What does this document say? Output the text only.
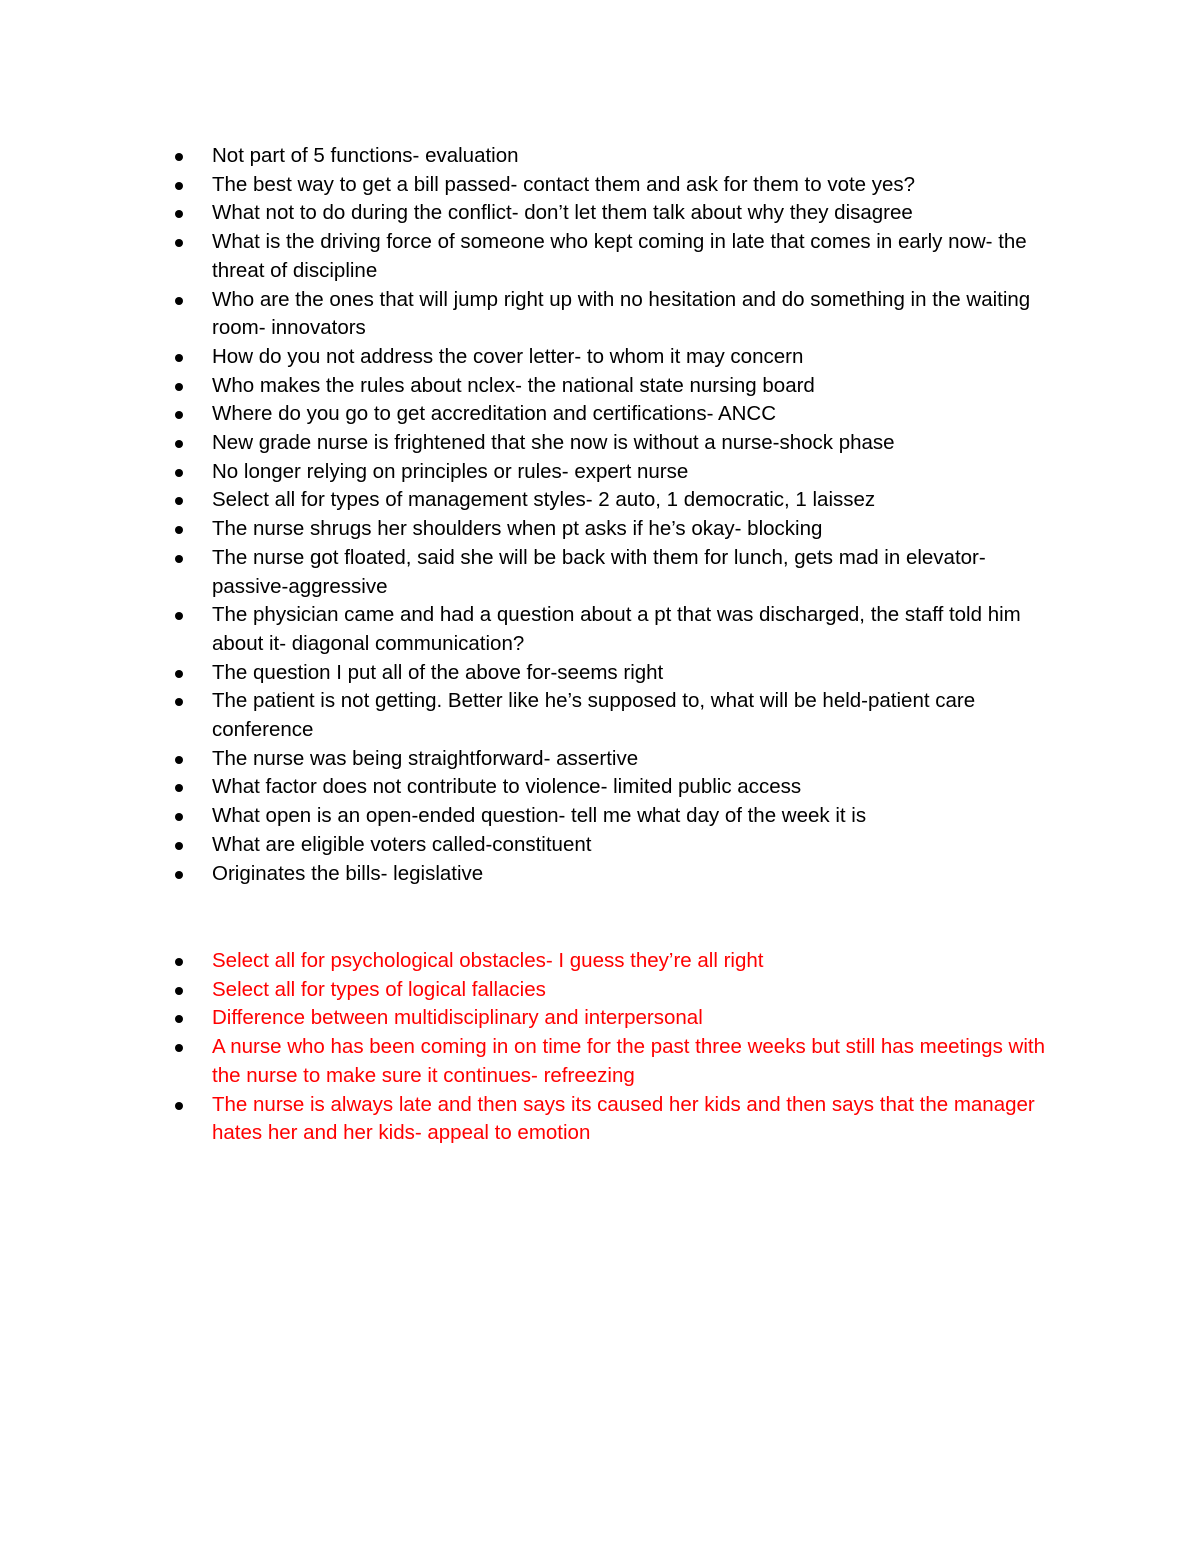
Not part of 5 functions- evaluation
The best way to get a bill passed- contact them and ask for them to vote yes?
What not to do during the conflict- don’t let them talk about why they disagree
What is the driving force of someone who kept coming in late that comes in early now- the threat of discipline
Who are the ones that will jump right up with no hesitation and do something in the waiting room- innovators
How do you not address the cover letter- to whom it may concern
Who makes the rules about nclex- the national state nursing board
Where do you go to get accreditation and certifications- ANCC
New grade nurse is frightened that she now is without a nurse-shock phase
No longer relying on principles or rules- expert nurse
Select all for types of management styles- 2 auto, 1 democratic, 1 laissez
The nurse shrugs her shoulders when pt asks if he’s okay- blocking
The nurse got floated, said she will be back with them for lunch, gets mad in elevator- passive-aggressive
The physician came and had a question about a pt that was discharged, the staff told him about it- diagonal communication?
The question I put all of the above for-seems right
The patient is not getting. Better like he’s supposed to, what will be held-patient care conference
The nurse was being straightforward- assertive
What factor does not contribute to violence- limited public access
What open is an open-ended question- tell me what day of the week it is
What are eligible voters called-constituent
Originates the bills- legislative
Select all for psychological obstacles- I guess they’re all right
Select all for types of logical fallacies
Difference between multidisciplinary and interpersonal
A nurse who has been coming in on time for the past three weeks but still has meetings with the nurse to make sure it continues- refreezing
The nurse is always late and then says its caused her kids and then says that the manager hates her and her kids- appeal to emotion
